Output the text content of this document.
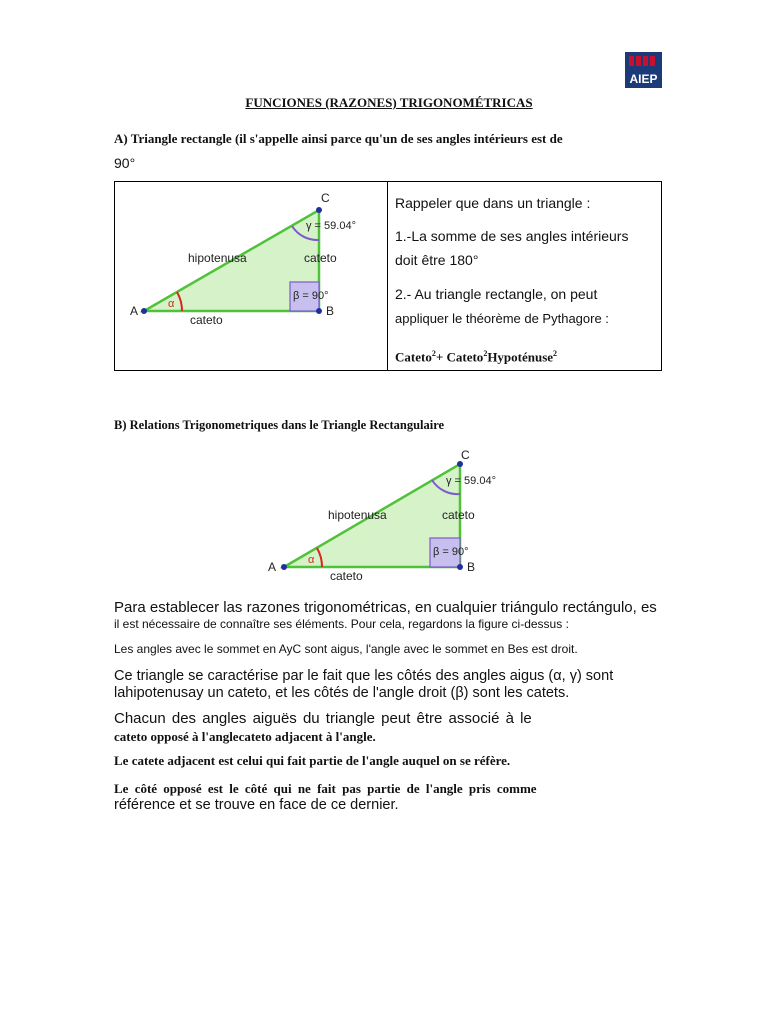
AIEP
FUNCIONES (RAZONES) TRIGONOMÉTRICAS
A) Triangle rectangle (il s'appelle ainsi parce qu'un de ses angles intérieurs est de
90°
Rappeler que dans un triangle :
1.-La somme de ses angles intérieurs
doit être 180°
2.- Au triangle rectangle, on peut
appliquer le théorème de Pythagore :
Cateto$^2$+ Cateto$^2$Hypoténuse$^2$
A	B
C
hipotenusa	cateto
cateto
α
β = 90°
γ = 59.04°
B) Relations Trigonometriques dans le Triangle Rectangulaire
A	B
C
hipotenusa	cateto
cateto
α
β = 90°
γ = 59.04°
Para establecer las razones trigonométricas, en cualquier triángulo rectángulo, es
il est nécessaire de connaître ses éléments. Pour cela, regardons la figure ci-dessus :
Les angles avec le sommet en AyC sont aigus, l'angle avec le sommet en Bes est droit.
Ce triangle se caractérise par le fait que les côtés des angles aigus (α, γ) sont
lahipotenusay un cateto, et les côtés de l'angle droit (β) sont les catets.
Chacun des angles aiguës du triangle peut être associé à le
cateto opposé à l'anglecateto adjacent à l'angle.
Le catete adjacent est celui qui fait partie de l'angle auquel on se réfère.
Le côté opposé est le côté qui ne fait pas partie de l'angle pris comme
référence et se trouve en face de ce dernier.
